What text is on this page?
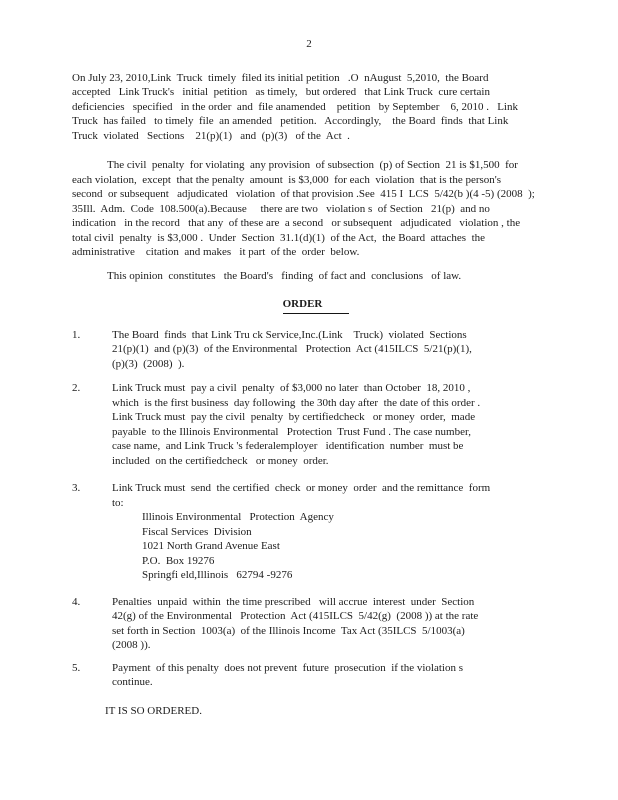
2
On July 23, 2010,Link  Truck  timely  filed its initial petition   .O  nAugust  5,2010,  the Board
accepted   Link Truck's   initial  petition   as timely,   but ordered   that Link Truck  cure certain
deficiencies   specified   in the order  and  file anamended    petition   by September    6, 2010 .   Link
Truck  has failed   to timely  file  an amended   petition.   Accordingly,    the Board  finds  that Link
Truck  violated   Sections    21(p)(1)   and  (p)(3)   of the  Act  .
The civil  penalty  for violating  any provision  of subsection  (p) of Section  21 is $1,500  for
each violation,  except  that the penalty  amount  is $3,000  for each  violation  that is the person's
second  or subsequent   adjudicated   violation  of that provision .See  415 I  LCS  5/42(b )(4 -5) (2008  );
35Ill.  Adm.  Code  108.500(a).Because     there are two   violation s  of Section   21(p)  and no
indication   in the record   that any  of these are  a second   or subsequent   adjudicated   violation , the
total civil  penalty  is $3,000 .  Under  Section  31.1(d)(1)  of the Act,  the Board  attaches  the
administrative    citation  and makes   it part  of the  order  below.
This opinion  constitutes   the Board's   finding  of fact and  conclusions   of law.
ORDER
1.	The Board  finds  that Link Tru ck Service,Inc.(Link    Truck)  violated  Sections
21(p)(1)  and (p)(3)  of the Environmental   Protection  Act (415ILCS  5/21(p)(1),
(p)(3)  (2008)  ).
2.	Link Truck must  pay a civil  penalty  of $3,000 no later  than October  18, 2010 ,
which  is the first business  day following  the 30th day after  the date of this order .
Link Truck must  pay the civil  penalty  by certifiedcheck   or money  order,  made
payable  to the Illinois Environmental   Protection  Trust Fund . The case number,
case name,  and Link Truck 's federalemployer   identification  number  must be
included  on the certifiedcheck   or money  order.
3.	Link Truck must  send  the certified  check  or money  order  and the remittance  form
to:
Illinois Environmental   Protection  Agency
Fiscal Services  Division
1021 North Grand Avenue East
P.O.  Box 19276
Springfi eld,Illinois   62794 -9276
4.	Penalties  unpaid  within  the time prescribed   will accrue  interest  under  Section
42(g) of the Environmental   Protection  Act (415ILCS  5/42(g)  (2008 )) at the rate
set forth in Section  1003(a)  of the Illinois Income  Tax Act (35ILCS  5/1003(a)
(2008 )).
5.	Payment  of this penalty  does not prevent  future  prosecution  if the violation s
continue.
IT IS SO ORDERED.
